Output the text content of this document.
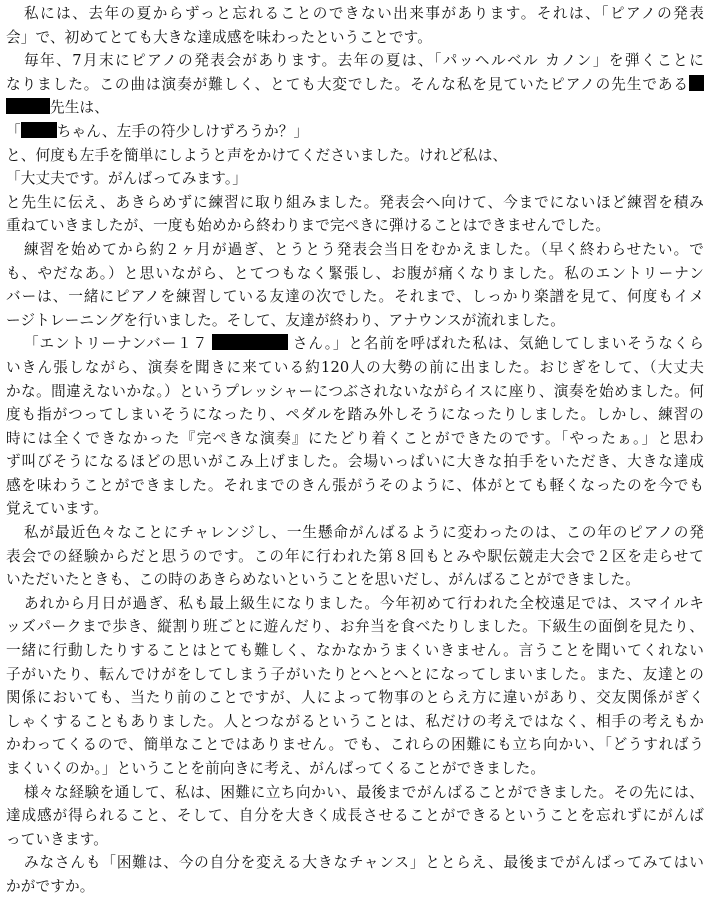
私には、去年の夏からずっと忘れることのできない出来事があります。それは、「ピアノの発表
会」で、初めてとても大きな達成感を味わったということです。
毎年、7月末にピアノの発表会があります。去年の夏は、「パッヘルベル カノン」を弾くことに
なりました。この曲は演奏が難しく、とても大変でした。そんな私を見ていたピアノの先生である
先生は、
「 ちゃん、左手の符少しけずろうか？」
と、何度も左手を簡単にしようと声をかけてくださいました。けれど私は、
「大丈夫です。がんばってみます。」
と先生に伝え、あきらめずに練習に取り組みました。発表会へ向けて、今までにないほど練習を積み
重ねていきましたが、一度も始めから終わりまで完ぺきに弾けることはできませんでした。
練習を始めてから約２ヶ月が過ぎ、とうとう発表会当日をむかえました。（早く終わらせたい。で
も、やだなあ。）と思いながら、とてつもなく緊張し、お腹が痛くなりました。私のエントリーナン
バーは、一緒にピアノを練習している友達の次でした。それまで、しっかり楽譜を見て、何度もイメ
ージトレーニングを行いました。そして、友達が終わり、アナウンスが流れました。
「エントリーナンバー１７	さん。」と名前を呼ばれた私は、気絶してしまいそうなくら
いきん張しながら、演奏を聞きに来ている約120人の大勢の前に出ました。おじぎをして、（大丈夫
かな。間違えないかな。）というプレッシャーにつぶされないながらイスに座り、演奏を始めました。何
度も指がつってしまいそうになったり、ペダルを踏み外しそうになったりしました。しかし、練習の
時には全くできなかった『完ぺきな演奏』にたどり着くことができたのです。「やったぁ。」と思わ
ず叫びそうになるほどの思いがこみ上げました。会場いっぱいに大きな拍手をいただき、大きな達成
感を味わうことができました。それまでのきん張がうそのように、体がとても軽くなったのを今でも
覚えています。
私が最近色々なことにチャレンジし、一生懸命がんばるように変わったのは、この年のピアノの発
表会での経験からだと思うのです。この年に行われた第８回もとみや駅伝競走大会で２区を走らせて
いただいたときも、この時のあきらめないということを思いだし、がんばることができました。
あれから月日が過ぎ、私も最上級生になりました。今年初めて行われた全校遠足では、スマイルキ
ッズパークまで歩き、縦割り班ごとに遊んだり、お弁当を食べたりしました。下級生の面倒を見たり、
一緒に行動したりすることはとても難しく、なかなかうまくいきません。言うことを聞いてくれない
子がいたり、転んでけがをしてしまう子がいたりとへとへとになってしまいました。また、友達との
関係においても、当たり前のことですが、人によって物事のとらえ方に違いがあり、交友関係がぎく
しゃくすることもありました。人とつながるということは、私だけの考えではなく、相手の考えもか
かわってくるので、簡単なことではありません。でも、これらの困難にも立ち向かい、「どうすればう
まくいくのか。」ということを前向きに考え、がんばってくることができました。
様々な経験を通して、私は、困難に立ち向かい、最後までがんばることができました。その先には、
達成感が得られること、そして、自分を大きく成長させることができるということを忘れずにがんば
っていきます。
みなさんも「困難は、今の自分を変える大きなチャンス」ととらえ、最後までがんばってみてはい
かがですか。
